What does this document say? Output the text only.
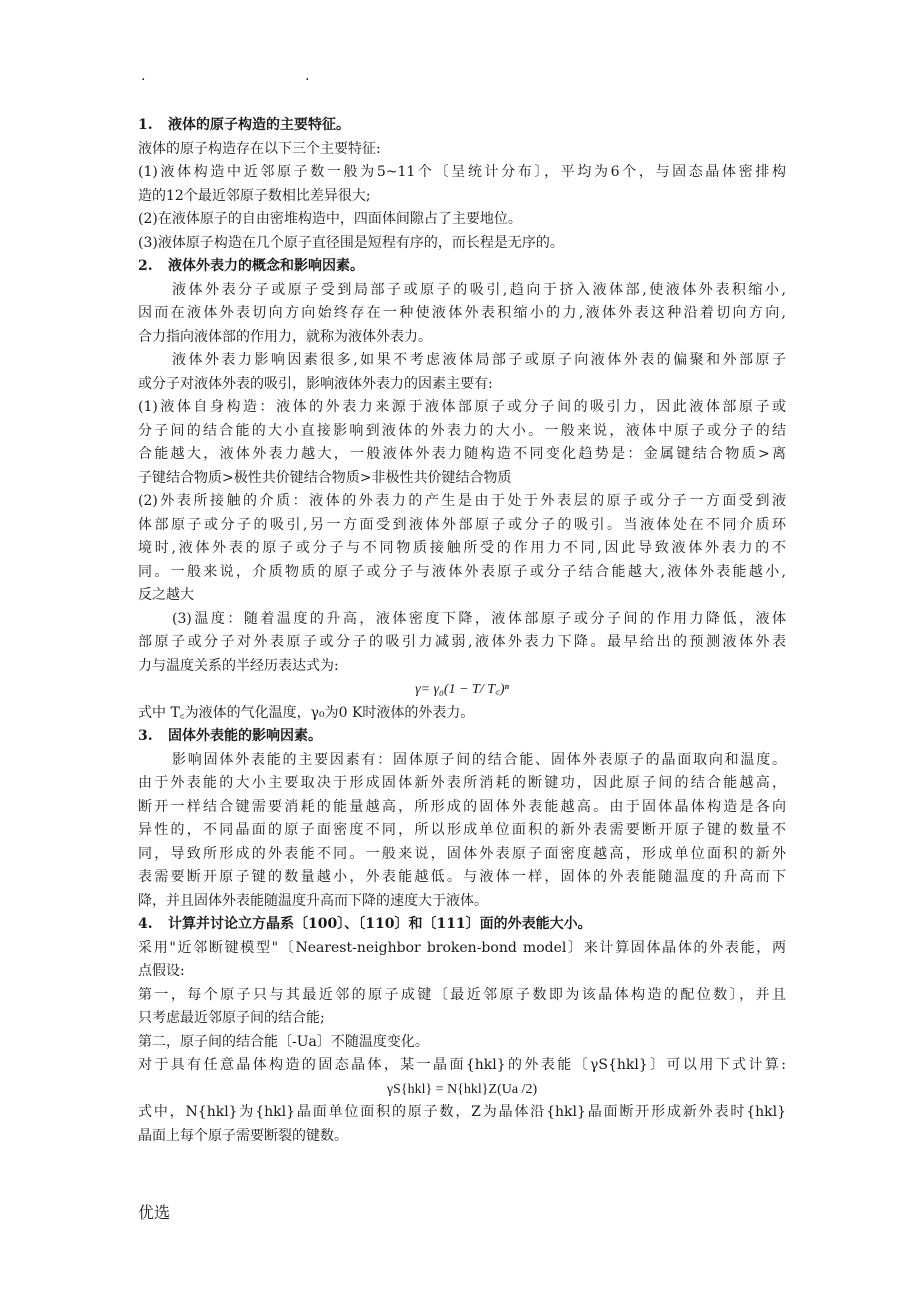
.	.
1. 液体的原子构造的主要特征。
液体的原子构造存在以下三个主要特征:
(1)液体构造中近邻原子数一般为5~11个〔呈统计分布〕，平均为6个，与固态晶体密排构
造的12个最近邻原子数相比差异很大;
(2)在液体原子的自由密堆构造中，四面体间隙占了主要地位。
(3)液体原子构造在几个原子直径围是短程有序的，而长程是无序的。
2. 液体外表力的概念和影响因素。
液体外表分子或原子受到局部子或原子的吸引,趋向于挤入液体部,使液体外表积缩小,
因而在液体外表切向方向始终存在一种使液体外表积缩小的力,液体外表这种沿着切向方向,
合力指向液体部的作用力，就称为液体外表力。
液体外表力影响因素很多,如果不考虑液体局部子或原子向液体外表的偏聚和外部原子
或分子对液体外表的吸引，影响液体外表力的因素主要有:
(1)液体自身构造：液体的外表力来源于液体部原子或分子间的吸引力，因此液体部原子或
分子间的结合能的大小直接影响到液体的外表力的大小。一般来说，液体中原子或分子的结
合能越大，液体外表力越大，一般液体外表力随构造不同变化趋势是：金属键结合物质>离
子键结合物质>极性共价键结合物质>非极性共价键结合物质
(2)外表所接触的介质：液体的外表力的产生是由于处于外表层的原子或分子一方面受到液
体部原子或分子的吸引,另一方面受到液体外部原子或分子的吸引。当液体处在不同介质环
境时,液体外表的原子或分子与不同物质接触所受的作用力不同,因此导致液体外表力的不
同。一般来说，介质物质的原子或分子与液体外表原子或分子结合能越大,液体外表能越小,
反之越大
(3)温度：随着温度的升高，液体密度下降，液体部原子或分子间的作用力降低，液体
部原子或分子对外表原子或分子的吸引力减弱,液体外表力下降。最早给出的预测液体外表
力与温度关系的半经历表达式为:
γ= γ₀(1 − T/ T꜀)ⁿ
式中 T꜀为液体的气化温度，γ₀为0 K时液体的外表力。
3. 固体外表能的影响因素。
影响固体外表能的主要因素有：固体原子间的结合能、固体外表原子的晶面取向和温度。
由于外表能的大小主要取决于形成固体新外表所消耗的断键功，因此原子间的结合能越高，
断开一样结合键需要消耗的能量越高，所形成的固体外表能越高。由于固体晶体构造是各向
异性的，不同晶面的原子面密度不同，所以形成单位面积的新外表需要断开原子键的数量不
同，导致所形成的外表能不同。一般来说，固体外表原子面密度越高，形成单位面积的新外
表需要断开原子键的数量越小，外表能越低。与液体一样，固体的外表能随温度的升高而下
降，并且固体外表能随温度升高而下降的速度大于液体。
4. 计算并讨论立方晶系〔100〕、〔110〕和〔111〕面的外表能大小。
采用"近邻断键模型"〔Nearest-neighbor broken-bond model〕来计算固体晶体的外表能，两
点假设:
第一，每个原子只与其最近邻的原子成键〔最近邻原子数即为该晶体构造的配位数〕，并且
只考虑最近邻原子间的结合能;
第二，原子间的结合能〔-Ua〕不随温度变化。
对于具有任意晶体构造的固态晶体，某一晶面{hkl}的外表能〔γS{hkl}〕可以用下式计算:
γS{hkl} = N{hkl}Z(Ua /2)
式中，N{hkl}为{hkl}晶面单位面积的原子数，Z为晶体沿{hkl}晶面断开形成新外表时{hkl}
晶面上每个原子需要断裂的键数。
优选
